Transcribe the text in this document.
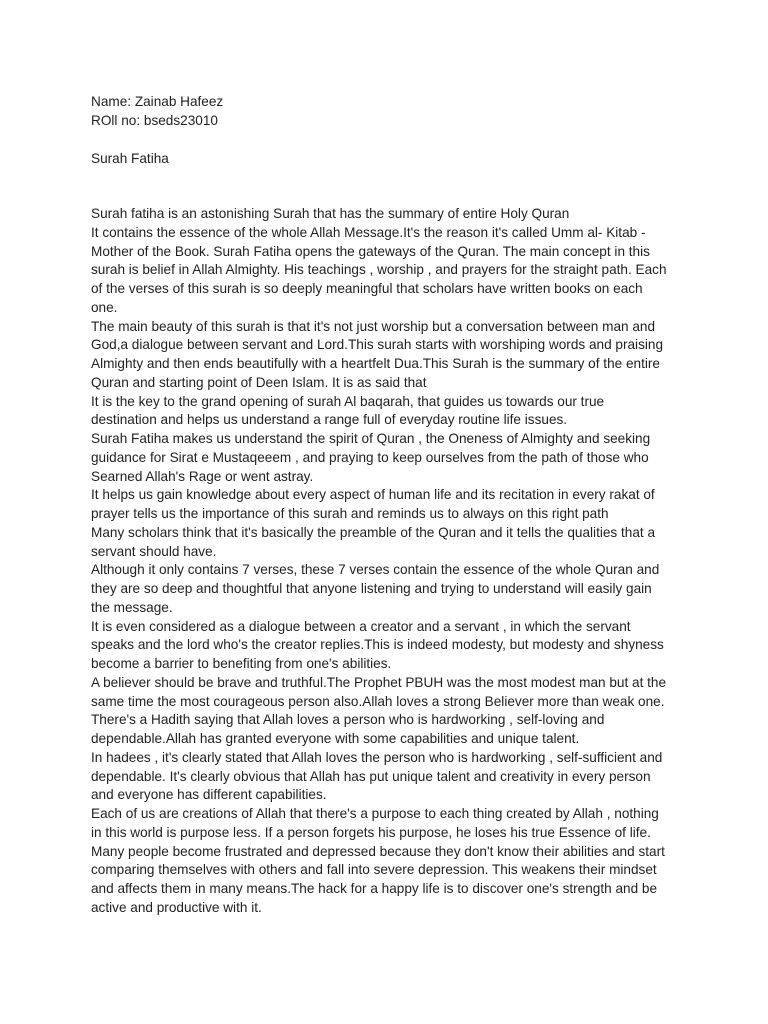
Name: Zainab Hafeez
ROll no: bseds23010
Surah Fatiha
Surah fatiha is an astonishing Surah that has the summary of entire Holy Quran
It contains the essence of the whole Allah Message.It's the reason it's called Umm al- Kitab -
Mother of the Book. Surah Fatiha opens the gateways of the Quran. The main concept in this
surah is belief in Allah Almighty. His teachings , worship , and prayers for the straight path. Each
of the verses of this surah is so deeply meaningful that scholars have written books on each
one.
The main beauty of this surah is that it's not just worship but a conversation between man and
God,a dialogue between servant and Lord.This surah starts with worshiping words and praising
Almighty and then ends beautifully with a heartfelt Dua.This Surah is the summary of the entire
Quran and starting point of Deen Islam. It is as said that
It is the key to the grand opening of surah Al baqarah, that guides us towards our true
destination and helps us understand a range full of everyday routine life issues.
Surah Fatiha makes us understand the spirit of Quran , the Oneness of Almighty and seeking
guidance for Sirat e Mustaqeeem , and praying to keep ourselves from the path of those who
Searned Allah's Rage or went astray.
It helps us gain knowledge about every aspect of human life and its recitation in every rakat of
prayer tells us the importance of this surah and reminds us to always on this right path
Many scholars think that it's basically the preamble of the Quran and it tells the qualities that a
servant should have.
Although it only contains 7 verses, these 7 verses contain the essence of the whole Quran and
they are so deep and thoughtful that anyone listening and trying to understand will easily gain
the message.
It is even considered as a dialogue between a creator and a servant , in which the servant
speaks and the lord who's the creator replies.This is indeed modesty, but modesty and shyness
become a barrier to benefiting from one's abilities.
A believer should be brave and truthful.The Prophet PBUH was the most modest man but at the
same time the most courageous person also.Allah loves a strong Believer more than weak one.
There's a Hadith saying that Allah loves a person who is hardworking , self-loving and
dependable.Allah has granted everyone with some capabilities and unique talent.
In hadees , it's clearly stated that Allah loves the person who is hardworking , self-sufficient and
dependable. It's clearly obvious that Allah has put unique talent and creativity in every person
and everyone has different capabilities.
Each of us are creations of Allah that there's a purpose to each thing created by Allah , nothing
in this world is purpose less. If a person forgets his purpose, he loses his true Essence of life.
Many people become frustrated and depressed because they don't know their abilities and start
comparing themselves with others and fall into severe depression. This weakens their mindset
and affects them in many means.The hack for a happy life is to discover one's strength and be
active and productive with it.
